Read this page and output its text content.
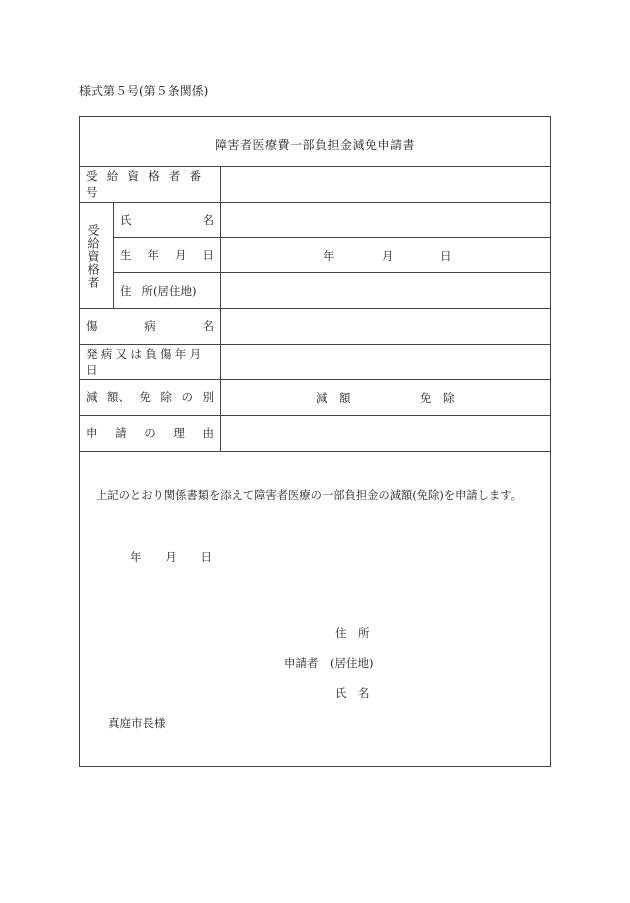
様式第５号(第５条関係)
障害者医療費一部負担金減免申請書
受給資格者番号
受給資格者
氏	名
生 年 月 日	年	月	日
住 所(居住地)
傷	病	名
発病又は負傷年月日
減 額、 免 除 の 別	減　額	免　除
申 請 の 理 由
上記のとおり関係書類を添えて障害者医療の一部負担金の減額(免除)を申請します。
年 月 日
住　所
申請者 (居住地)
氏　名
真庭市長様
